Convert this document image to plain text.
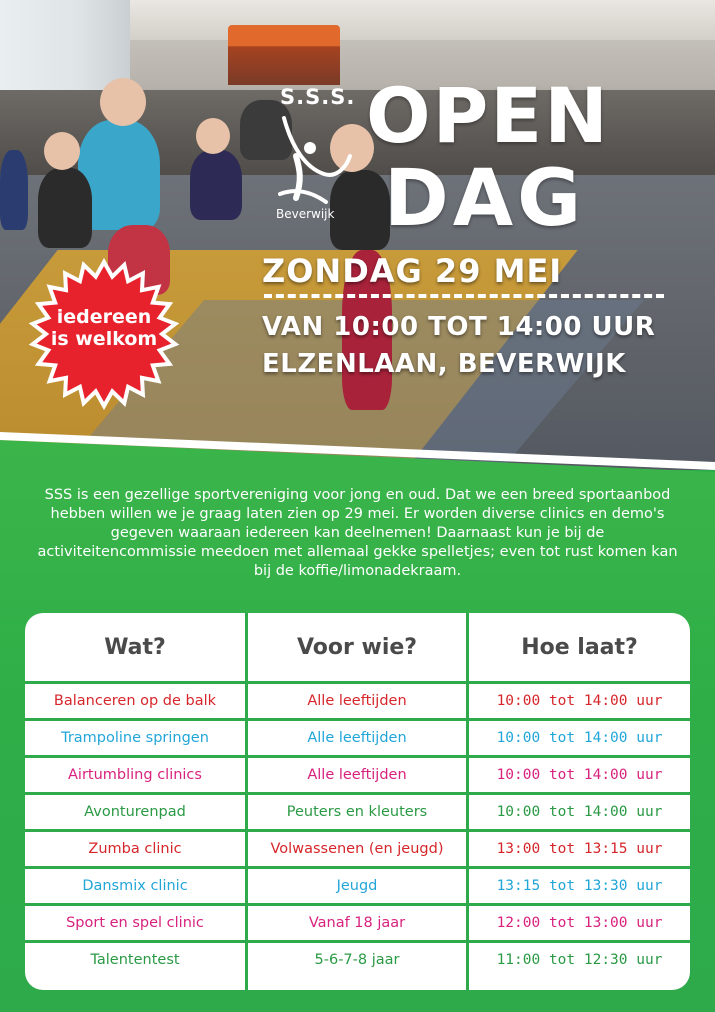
S.S.S.
Beverwijk
OPEN
DAG
ZONDAG 29 MEI
VAN 10:00 TOT 14:00 UUR
ELZENLAAN, BEVERWIJK
iedereen
is welkom

SSS is een gezellige sportvereniging voor jong en oud. Dat we een breed sportaanbod hebben willen we je graag laten zien op 29 mei. Er worden diverse clinics en demo's gegeven waaraan iedereen kan deelnemen! Daarnaast kun je bij de activiteitencommissie meedoen met allemaal gekke spelletjes; even tot rust komen kan bij de koffie/limonadekraam.

Wat?	Voor wie?	Hoe laat?
Balanceren op de balk	Alle leeftijden	10:00 tot 14:00 uur
Trampoline springen	Alle leeftijden	10:00 tot 14:00 uur
Airtumbling clinics	Alle leeftijden	10:00 tot 14:00 uur
Avonturenpad	Peuters en kleuters	10:00 tot 14:00 uur
Zumba clinic	Volwassenen (en jeugd)	13:00 tot 13:15 uur
Dansmix clinic	Jeugd	13:15 tot 13:30 uur
Sport en spel clinic	Vanaf 18 jaar	12:00 tot 13:00 uur
Talententest	5-6-7-8 jaar	11:00 tot 12:30 uur
